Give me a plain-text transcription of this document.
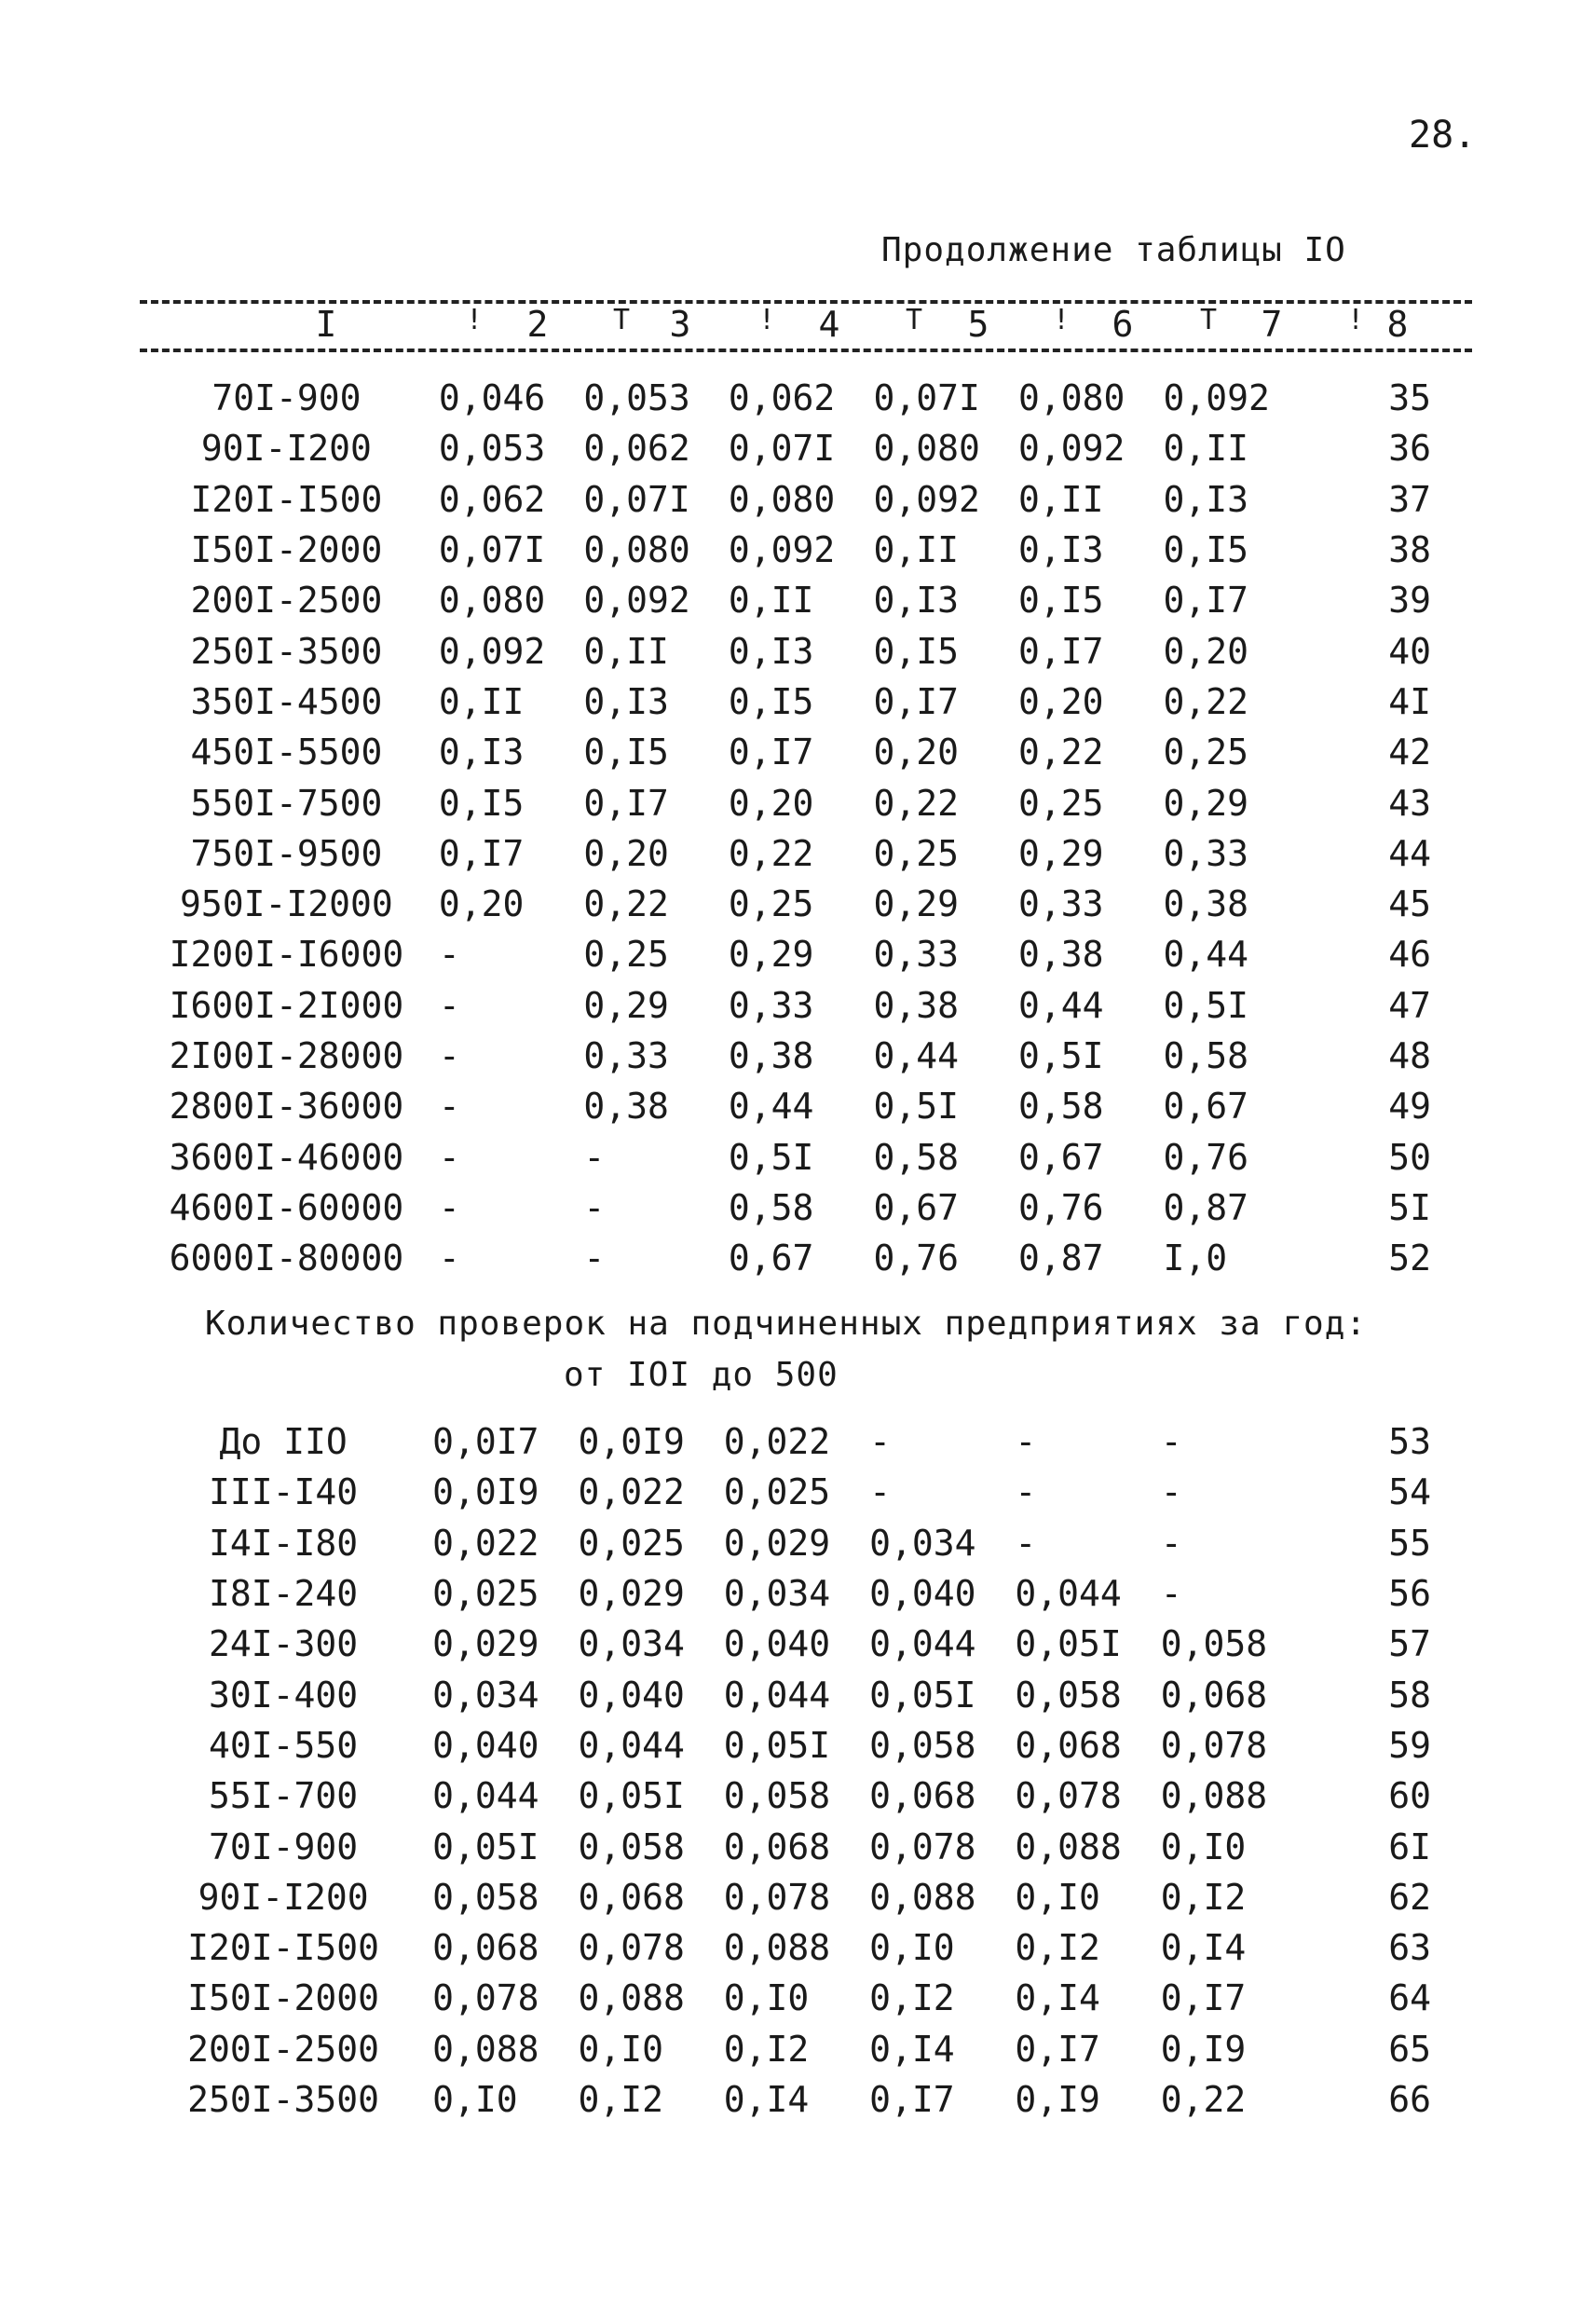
28.
Продолжение таблицы IO
I	!	2	T	3	!	4	T	5	!	6	T	7	! 8
70I-900	0,046	0,053	0,062	0,07I	0,080	0,092	35
90I-I200	0,053	0,062	0,07I	0,080	0,092	0,II	36
I20I-I500	0,062	0,07I	0,080	0,092	0,II	0,I3	37
I50I-2000	0,07I	0,080	0,092	0,II	0,I3	0,I5	38
200I-2500	0,080	0,092	0,II	0,I3	0,I5	0,I7	39
250I-3500	0,092	0,II	0,I3	0,I5	0,I7	0,20	40
350I-4500	0,II	0,I3	0,I5	0,I7	0,20	0,22	4I
450I-5500	0,I3	0,I5	0,I7	0,20	0,22	0,25	42
550I-7500	0,I5	0,I7	0,20	0,22	0,25	0,29	43
750I-9500	0,I7	0,20	0,22	0,25	0,29	0,33	44
950I-I2000	0,20	0,22	0,25	0,29	0,33	0,38	45
I200I-I6000	-	0,25	0,29	0,33	0,38	0,44	46
I600I-2I000	-	0,29	0,33	0,38	0,44	0,5I	47
2I00I-28000	-	0,33	0,38	0,44	0,5I	0,58	48
2800I-36000	-	0,38	0,44	0,5I	0,58	0,67	49
3600I-46000	-	-	0,5I	0,58	0,67	0,76	50
4600I-60000	-	-	0,58	0,67	0,76	0,87	5I
6000I-80000	-	-	0,67	0,76	0,87	I,0	52
Количество проверок на подчиненных предприятиях за год:
от IOI до 500
До IIO	0,0I7	0,0I9	0,022	-	-	-	53
III-I40	0,0I9	0,022	0,025	-	-	-	54
I4I-I80	0,022	0,025	0,029	0,034	-	-	55
I8I-240	0,025	0,029	0,034	0,040	0,044	-	56
24I-300	0,029	0,034	0,040	0,044	0,05I	0,058	57
30I-400	0,034	0,040	0,044	0,05I	0,058	0,068	58
40I-550	0,040	0,044	0,05I	0,058	0,068	0,078	59
55I-700	0,044	0,05I	0,058	0,068	0,078	0,088	60
70I-900	0,05I	0,058	0,068	0,078	0,088	0,I0	6I
90I-I200	0,058	0,068	0,078	0,088	0,I0	0,I2	62
I20I-I500	0,068	0,078	0,088	0,I0	0,I2	0,I4	63
I50I-2000	0,078	0,088	0,I0	0,I2	0,I4	0,I7	64
200I-2500	0,088	0,I0	0,I2	0,I4	0,I7	0,I9	65
250I-3500	0,I0	0,I2	0,I4	0,I7	0,I9	0,22	66
